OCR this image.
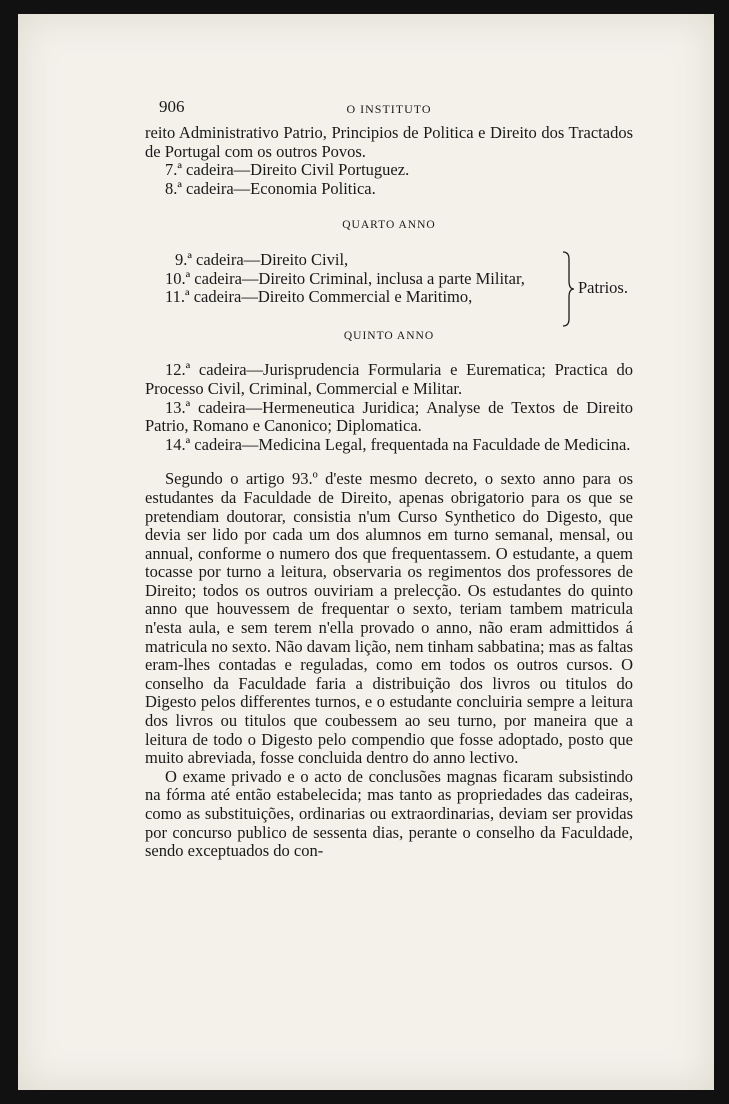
906	O INSTITUTO

reito Administrativo Patrio, Principios de Politica e Direito dos Tractados de Portugal com os outros Povos.

7.ª cadeira—Direito Civil Portuguez.

8.ª cadeira—Economia Politica.

QUARTO ANNO
9.ª cadeira—Direito Civil,
10.ª cadeira—Direito Criminal, inclusa a parte Militar,
11.ª cadeira—Direito Commercial e Maritimo,	Patrios.
QUINTO ANNO

12.ª cadeira—Jurisprudencia Formularia e Eurematica; Practica do Processo Civil, Criminal, Commercial e Militar.

13.ª cadeira—Hermeneutica Juridica; Analyse de Textos de Direito Patrio, Romano e Canonico; Diplomatica.

14.ª cadeira—Medicina Legal, frequentada na Faculdade de Medicina.

Segundo o artigo 93.º d'este mesmo decreto, o sexto anno para os estudantes da Faculdade de Direito, apenas obrigatorio para os que se pretendiam doutorar, consistia n'um Curso Synthetico do Digesto, que devia ser lido por cada um dos alumnos em turno semanal, mensal, ou annual, conforme o numero dos que frequentassem. O estudante, a quem tocasse por turno a leitura, observaria os regimentos dos professores de Direito; todos os outros ouviriam a prelecção. Os estudantes do quinto anno que houvessem de frequentar o sexto, teriam tambem matricula n'esta aula, e sem terem n'ella provado o anno, não eram admittidos á matricula no sexto. Não davam lição, nem tinham sabbatina; mas as faltas eram-lhes contadas e reguladas, como em todos os outros cursos. O conselho da Faculdade faria a distribuição dos livros ou titulos do Digesto pelos differentes turnos, e o estudante concluiria sempre a leitura dos livros ou titulos que coubessem ao seu turno, por maneira que a leitura de todo o Digesto pelo compendio que fosse adoptado, posto que muito abreviada, fosse concluida dentro do anno lectivo.

O exame privado e o acto de conclusões magnas ficaram subsistindo na fórma até então estabelecida; mas tanto as propriedades das cadeiras, como as substituições, ordinarias ou extraordinarias, deviam ser providas por concurso publico de sessenta dias, perante o conselho da Faculdade, sendo exceptuados do con-
